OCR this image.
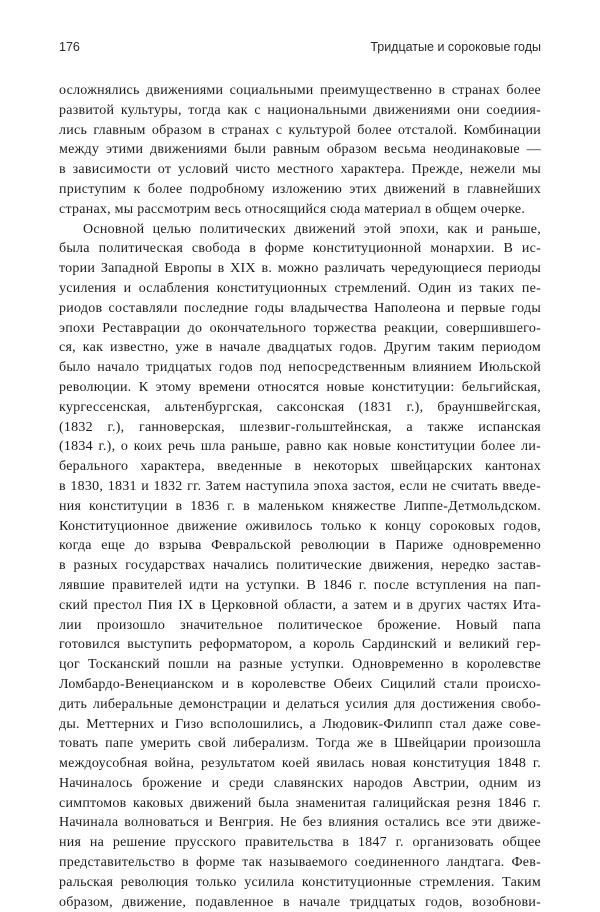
176	Тридцатые и сороковые годы
осложнялись движениями социальными преимущественно в странах более
развитой культуры, тогда как с национальными движениями они соедиия-
лись главным образом в странах с культурой более отсталой. Комбинации
между этими движениями были равным образом весьма неодинаковые —
в зависимости от условий чисто местного характера. Прежде, нежели мы
приступим к более подробному изложению этих движений в главнейших
странах, мы рассмотрим весь относящийся сюда материал в общем очерке.
Основной целью политических движений этой эпохи, как и раньше,
была политическая свобода в форме конституционной монархии. В ис-
тории Западной Европы в XIX в. можно различать чередующиеся периоды
усиления и ослабления конституционных стремлений. Один из таких пе-
риодов составляли последние годы владычества Наполеона и первые годы
эпохи Реставрации до окончательного торжества реакции, совершившего-
ся, как известно, уже в начале двадцатых годов. Другим таким периодом
было начало тридцатых годов под непосредственным влиянием Июльской
революции. К этому времени относятся новые конституции: бельгийская,
кургессенская, альтенбургская, саксонская (1831 г.), брауншвейгская,
(1832 г.), ганноверская, шлезвиг-гольштейнская, а также испанская
(1834 г.), о коих речь шла раньше, равно как новые конституции более ли-
берального характера, введенные в некоторых швейцарских кантонах
в 1830, 1831 и 1832 гг. Затем наступила эпоха застоя, если не считать введе-
ния конституции в 1836 г. в маленьком княжестве Липпе-Детмольдском.
Конституционное движение оживилось только к концу сороковых годов,
когда еще до взрыва Февральской революции в Париже одновременно
в разных государствах начались политические движения, нередко застав-
лявшие правителей идти на уступки. В 1846 г. после вступления на пап-
ский престол Пия IX в Церковной области, а затем и в других частях Ита-
лии произошло значительное политическое брожение. Новый папа
готовился выступить реформатором, а король Сардинский и великий гер-
цог Тосканский пошли на разные уступки. Одновременно в королевстве
Ломбардо-Венецианском и в королевстве Обеих Сицилий стали происхо-
дить либеральные демонстрации и делаться усилия для достижения свобо-
ды. Меттерних и Гизо всполошились, а Людовик-Филипп стал даже сове-
товать папе умерить свой либерализм. Тогда же в Швейцарии произошла
междоусобная война, результатом коей явилась новая конституция 1848 г.
Начиналось брожение и среди славянских народов Австрии, одним из
симптомов каковых движений была знаменитая галицийская резня 1846 г.
Начинала волноваться и Венгрия. Не без влияния остались все эти движе-
ния на решение прусского правительства в 1847 г. организовать общее
представительство в форме так называемого соединенного ландтага. Фев-
ральская революция только усилила конституционные стремления. Таким
образом, движение, подавленное в начале тридцатых годов, возобнови-
